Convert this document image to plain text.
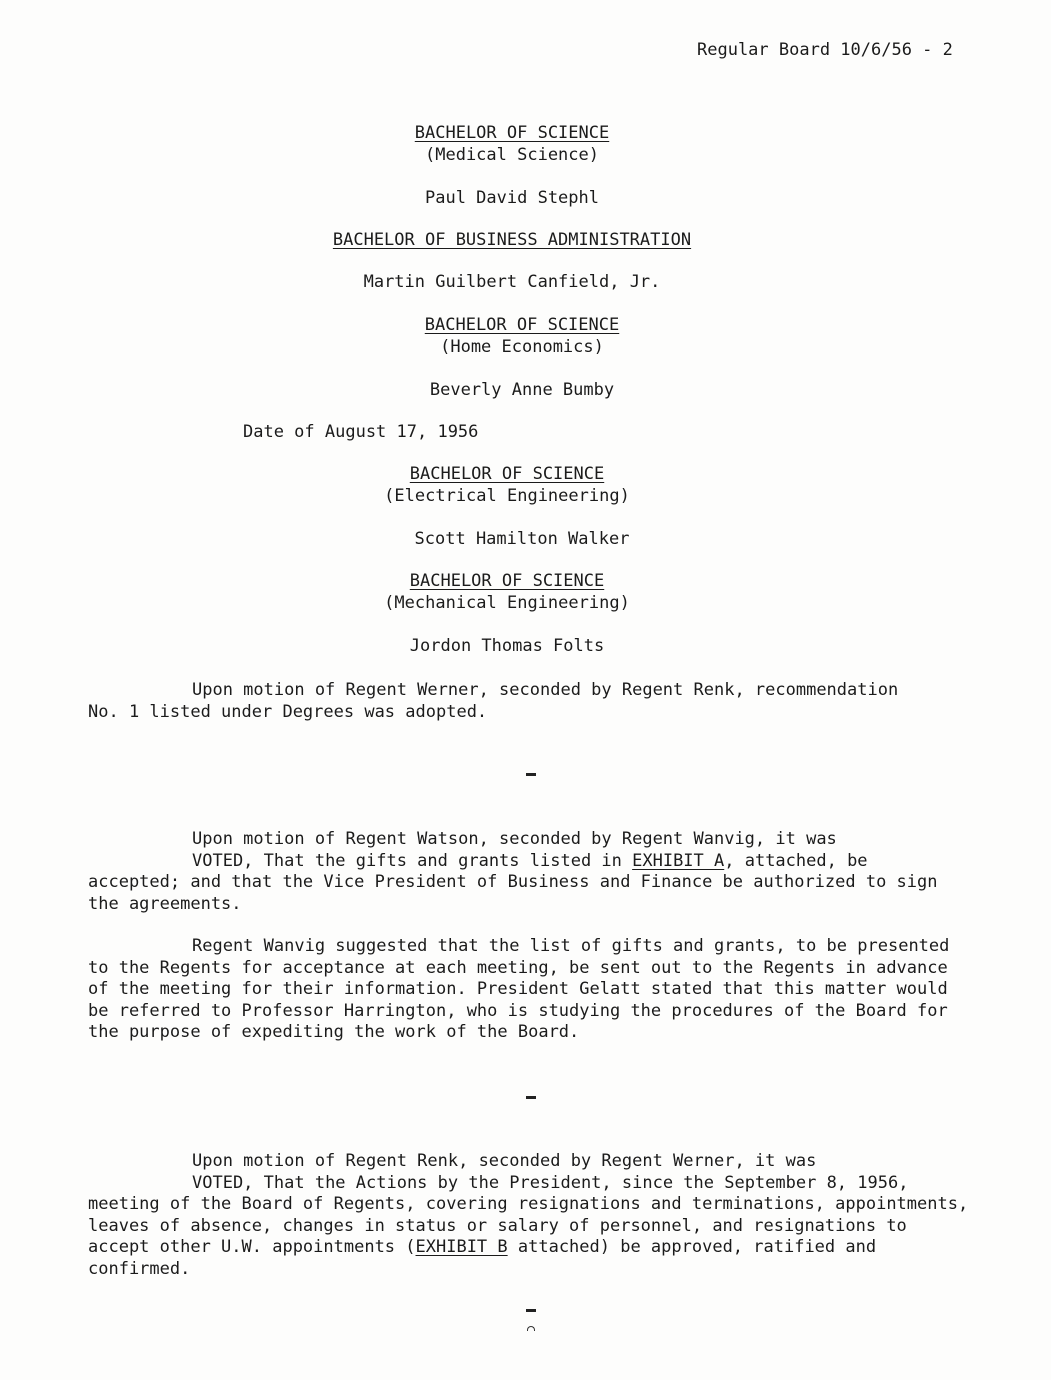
Regular Board 10/6/56 - 2
BACHELOR OF SCIENCE
(Medical Science)
Paul David Stephl
BACHELOR OF BUSINESS ADMINISTRATION
Martin Guilbert Canfield, Jr.
BACHELOR OF SCIENCE
(Home Economics)
Beverly Anne Bumby
Date of August 17, 1956
BACHELOR OF SCIENCE
(Electrical Engineering)
Scott Hamilton Walker
BACHELOR OF SCIENCE
(Mechanical Engineering)
Jordon Thomas Folts
Upon motion of Regent Werner, seconded by Regent Renk, recommendation No. 1 listed under Degrees was adopted.
Upon motion of Regent Watson, seconded by Regent Wanvig, it was
VOTED, That the gifts and grants listed in EXHIBIT A, attached, be accepted; and that the Vice President of Business and Finance be authorized to sign the agreements.
Regent Wanvig suggested that the list of gifts and grants, to be presented to the Regents for acceptance at each meeting, be sent out to the Regents in advance of the meeting for their information. President Gelatt stated that this matter would be referred to Professor Harrington, who is studying the procedures of the Board for the purpose of expediting the work of the Board.
Upon motion of Regent Renk, seconded by Regent Werner, it was
VOTED, That the Actions by the President, since the September 8, 1956, meeting of the Board of Regents, covering resignations and terminations, appointments, leaves of absence, changes in status or salary of personnel, and resignations to accept other U.W. appointments (EXHIBIT B attached) be approved, ratified and confirmed.
